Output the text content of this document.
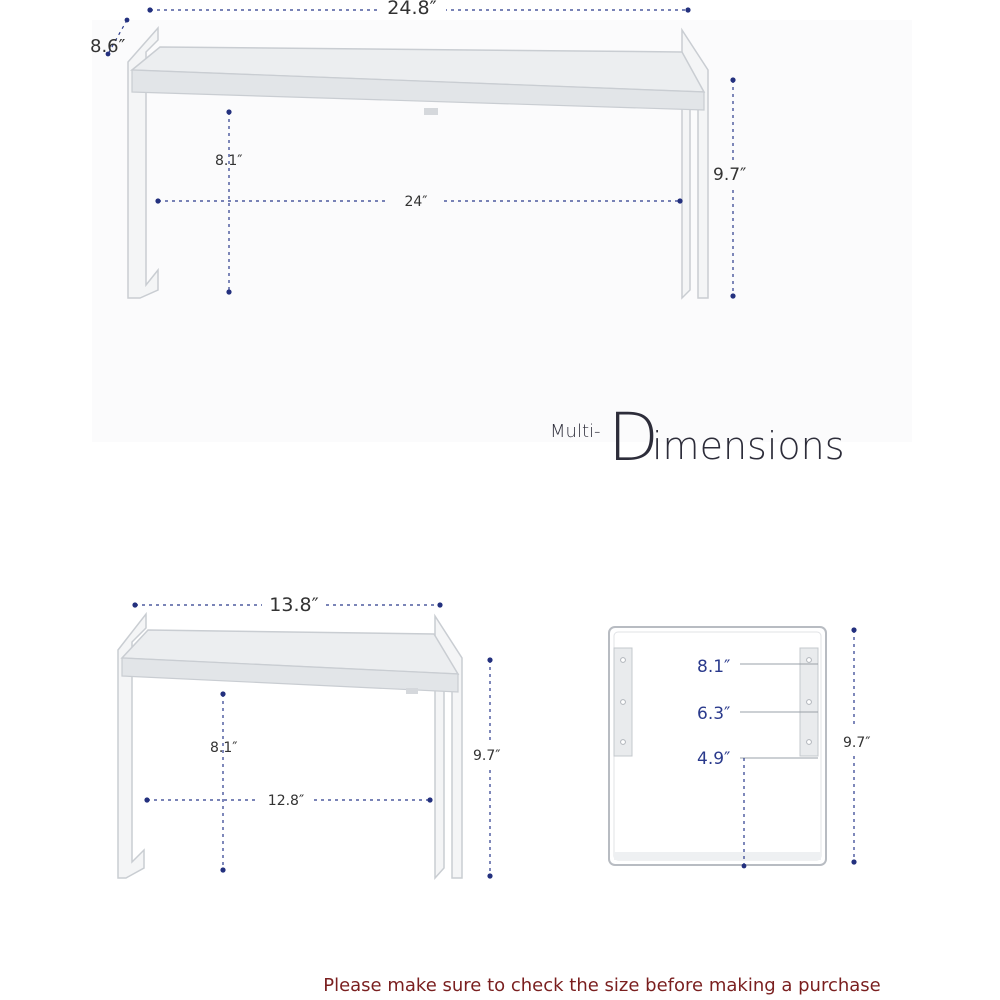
24.8″
8.6″
8.1″
24″
9.7″
Multi- D
imensions
13.8″
8.1″
12.8″
9.7″
8.1″
6.3″
4.9″
9.7″
Please make sure to check the size before making a purchase
